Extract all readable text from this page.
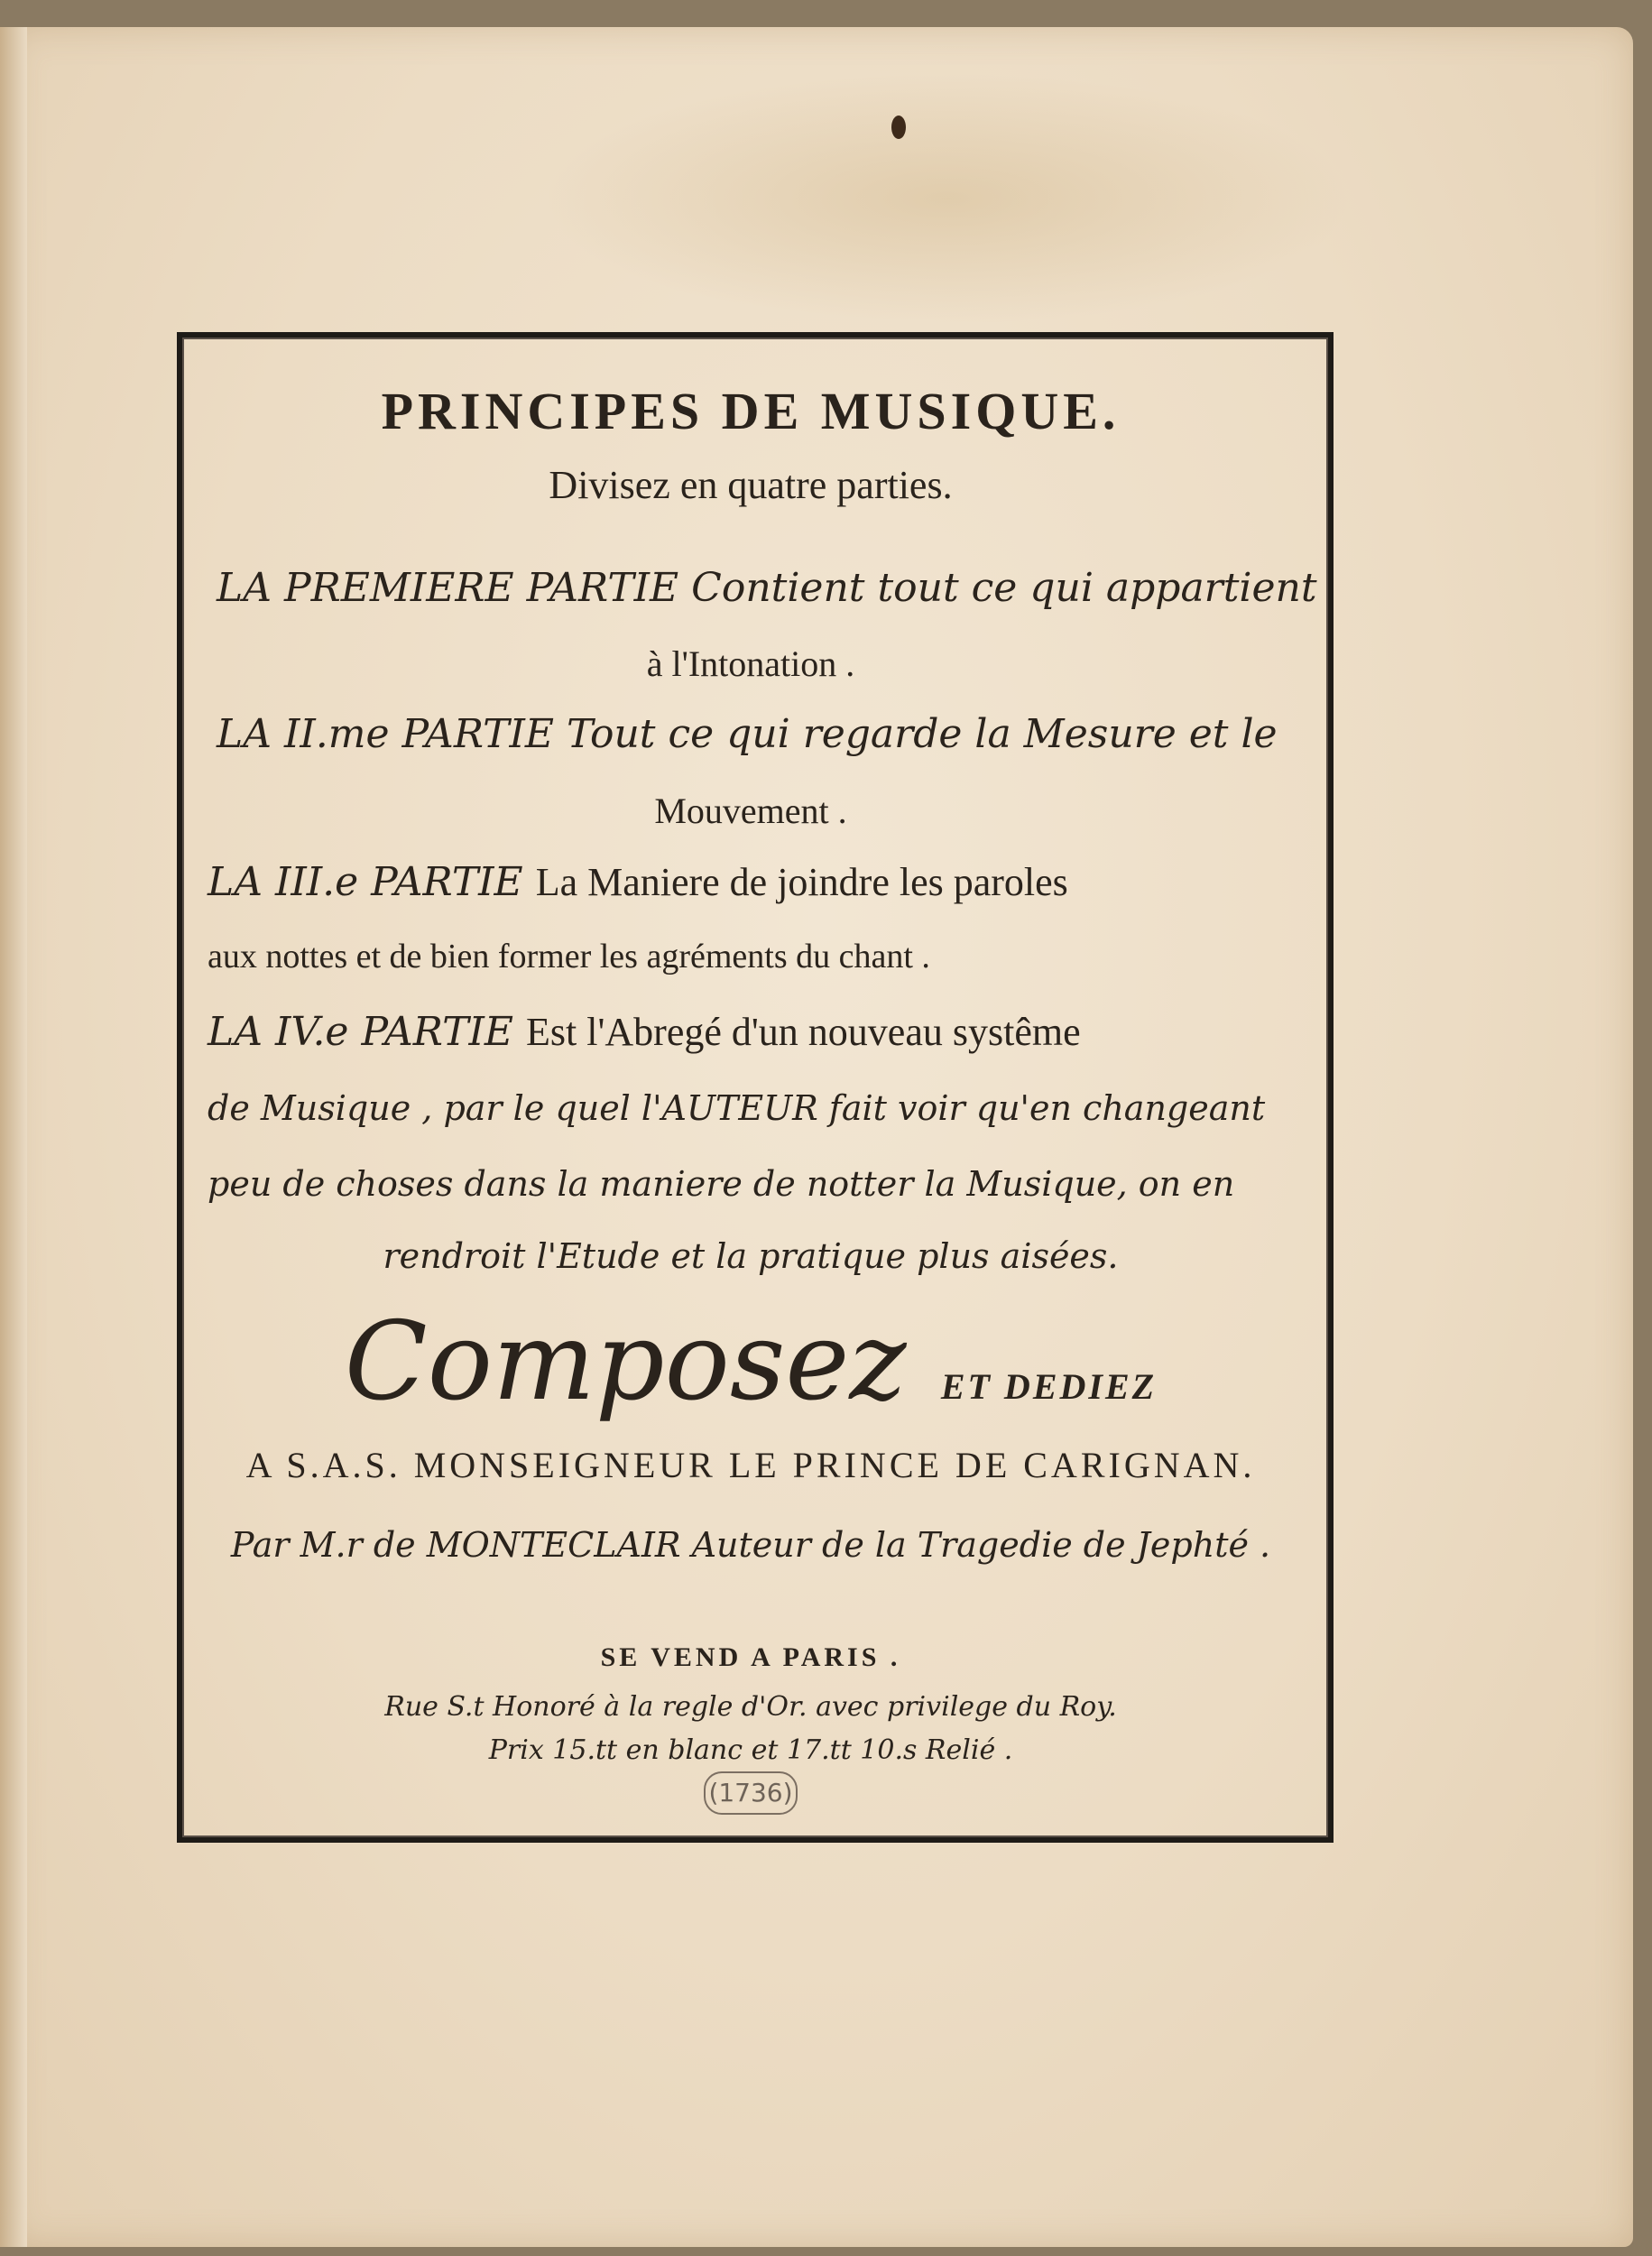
PRINCIPES DE MUSIQUE.
Divisez en quatre parties.
LA PREMIERE PARTIE Contient tout ce qui appartient
à l'Intonation .
LA II.me PARTIE Tout ce qui regarde la Mesure et le
Mouvement .
LA III.e PARTIE La Maniere de joindre les paroles
aux nottes et de bien former les agréments du chant .
LA IV.e PARTIE Est l'Abregé d'un nouveau systême
de Musique , par le quel l'AUTEUR fait voir qu'en changeant
peu de choses dans la maniere de notter la Musique, on en
rendroit l'Etude et la pratique plus aisées.
Composez ET DEDIEZ
A S.A.S. MONSEIGNEUR LE PRINCE DE CARIGNAN.
Par M.r de MONTECLAIR Auteur de la Tragedie de Jephté .
SE VEND A PARIS .
Rue S.t Honoré à la regle d'Or. avec privilege du Roy.
Prix 15.tt en blanc et 17.tt 10.s Relié .
(1736)
